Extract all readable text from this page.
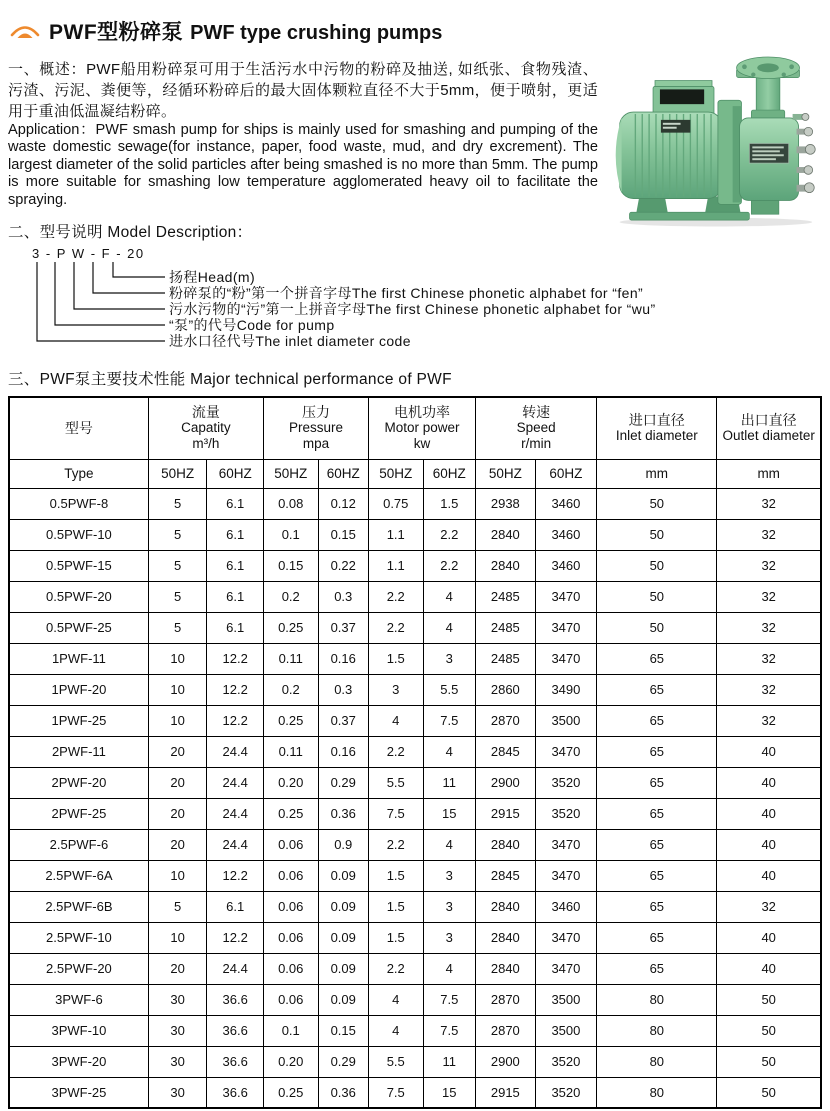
PWF型粉碎泵 PWF type crushing pumps

一、概述：PWF船用粉碎泵可用于生活污水中污物的粉碎及抽送, 如纸张、食物残渣、污渣、污泥、粪便等，经循环粉碎后的最大固体颗粒直径不大于5mm，便于喷射，更适用于重油低温凝结粉碎。

Application：PWF smash pump for ships is mainly used for smashing and pumping of the waste domestic sewage(for instance, paper, food waste, mud, and dry excrement). The largest diameter of the solid particles after being smashed is no more than 5mm. The pump is more suitable for smashing low temperature agglomerated heavy oil to facilitate the spraying.

二、型号说明 Model Description：
3 - P W - F - 20
扬程Head(m)
粉碎泵的“粉”第一个拼音字母The first Chinese phonetic alphabet for “fen”
污水污物的“污”第一上拼音字母The first Chinese phonetic alphabet for “wu”
“泵”的代号Code for pump
进水口径代号The inlet diameter code
三、PWF泵主要技术性能 Major technical performance of PWF
型号	
流量
Capatity
m³/h

压力
Pressure
mpa

电机功率
Motor power
kw

转速
Speed
r/min

进口直径
Inlet diameter

出口直径
Outlet diameter

Type	50HZ	60HZ	50HZ	60HZ	50HZ	60HZ	50HZ	60HZ	mm	mm
0.5PWF-8	5	6.1	0.08	0.12	0.75	1.5	2938	3460	50	32
0.5PWF-10	5	6.1	0.1	0.15	1.1	2.2	2840	3460	50	32
0.5PWF-15	5	6.1	0.15	0.22	1.1	2.2	2840	3460	50	32
0.5PWF-20	5	6.1	0.2	0.3	2.2	4	2485	3470	50	32
0.5PWF-25	5	6.1	0.25	0.37	2.2	4	2485	3470	50	32
1PWF-11	10	12.2	0.11	0.16	1.5	3	2485	3470	65	32
1PWF-20	10	12.2	0.2	0.3	3	5.5	2860	3490	65	32
1PWF-25	10	12.2	0.25	0.37	4	7.5	2870	3500	65	32
2PWF-11	20	24.4	0.11	0.16	2.2	4	2845	3470	65	40
2PWF-20	20	24.4	0.20	0.29	5.5	11	2900	3520	65	40
2PWF-25	20	24.4	0.25	0.36	7.5	15	2915	3520	65	40
2.5PWF-6	20	24.4	0.06	0.9	2.2	4	2840	3470	65	40
2.5PWF-6A	10	12.2	0.06	0.09	1.5	3	2845	3470	65	40
2.5PWF-6B	5	6.1	0.06	0.09	1.5	3	2840	3460	65	32
2.5PWF-10	10	12.2	0.06	0.09	1.5	3	2840	3470	65	40
2.5PWF-20	20	24.4	0.06	0.09	2.2	4	2840	3470	65	40
3PWF-6	30	36.6	0.06	0.09	4	7.5	2870	3500	80	50
3PWF-10	30	36.6	0.1	0.15	4	7.5	2870	3500	80	50
3PWF-20	30	36.6	0.20	0.29	5.5	11	2900	3520	80	50
3PWF-25	30	36.6	0.25	0.36	7.5	15	2915	3520	80	50
